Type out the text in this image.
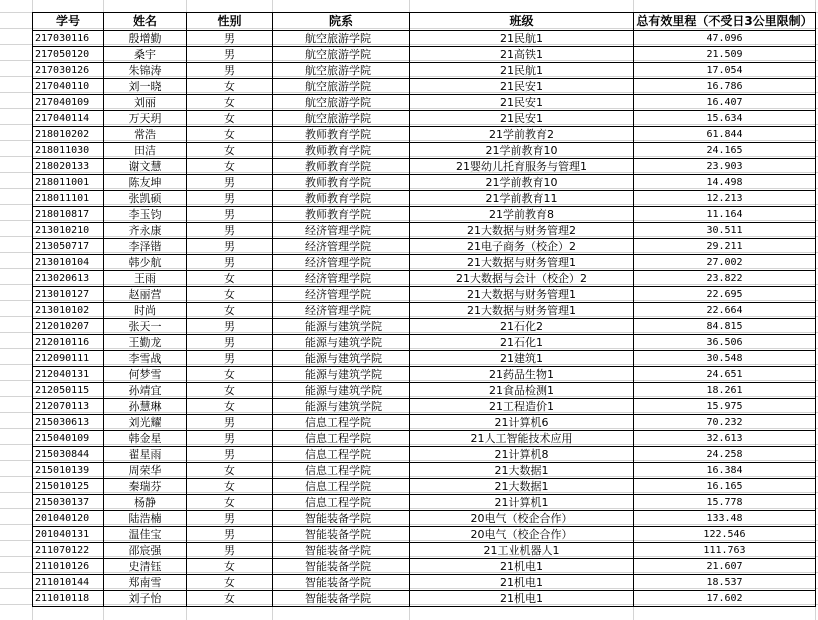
学号	姓名	性别	院系	班级	总有效里程（不受日3公里限制）
217030116	殷增勤	男	航空旅游学院	21民航1	47.096
217050120	桑宇	男	航空旅游学院	21高铁1	21.509
217030126	朱锦涛	男	航空旅游学院	21民航1	17.054
217040110	刘一晓	女	航空旅游学院	21民安1	16.786
217040109	刘丽	女	航空旅游学院	21民安1	16.407
217040114	万天玥	女	航空旅游学院	21民安1	15.634
218010202	常浩	女	教师教育学院	21学前教育2	61.844
218011030	田洁	女	教师教育学院	21学前教育10	24.165
218020133	谢文慧	女	教师教育学院	21婴幼儿托育服务与管理1	23.903
218011001	陈友坤	男	教师教育学院	21学前教育10	14.498
218011101	张凯硕	男	教师教育学院	21学前教育11	12.213
218010817	李玉钧	男	教师教育学院	21学前教育8	11.164
213010210	齐永康	男	经济管理学院	21大数据与财务管理2	30.511
213050717	李泽锴	男	经济管理学院	21电子商务（校企）2	29.211
213010104	韩少航	男	经济管理学院	21大数据与财务管理1	27.002
213020613	王雨	女	经济管理学院	21大数据与会计（校企）2	23.822
213010127	赵丽营	女	经济管理学院	21大数据与财务管理1	22.695
213010102	时尚	女	经济管理学院	21大数据与财务管理1	22.664
212010207	张天一	男	能源与建筑学院	21石化2	84.815
212010116	王勤龙	男	能源与建筑学院	21石化1	36.506
212090111	李雪战	男	能源与建筑学院	21建筑1	30.548
212040131	何梦雪	女	能源与建筑学院	21药品生物1	24.651
212050115	孙靖宜	女	能源与建筑学院	21食品检测1	18.261
212070113	孙慧琳	女	能源与建筑学院	21工程造价1	15.975
215030613	刘光耀	男	信息工程学院	21计算机6	70.232
215040109	韩金星	男	信息工程学院	21人工智能技术应用	32.613
215030844	翟星雨	男	信息工程学院	21计算机8	24.258
215010139	周荣华	女	信息工程学院	21大数据1	16.384
215010125	秦瑞芬	女	信息工程学院	21大数据1	16.165
215030137	杨静	女	信息工程学院	21计算机1	15.778
201040120	陆浩楠	男	智能装备学院	20电气（校企合作）	133.48
201040131	温佳宝	男	智能装备学院	20电气（校企合作）	122.546
211070122	邵宸强	男	智能装备学院	21工业机器人1	111.763
211010126	史清钰	女	智能装备学院	21机电1	21.607
211010144	郑南雪	女	智能装备学院	21机电1	18.537
211010118	刘子怡	女	智能装备学院	21机电1	17.602
